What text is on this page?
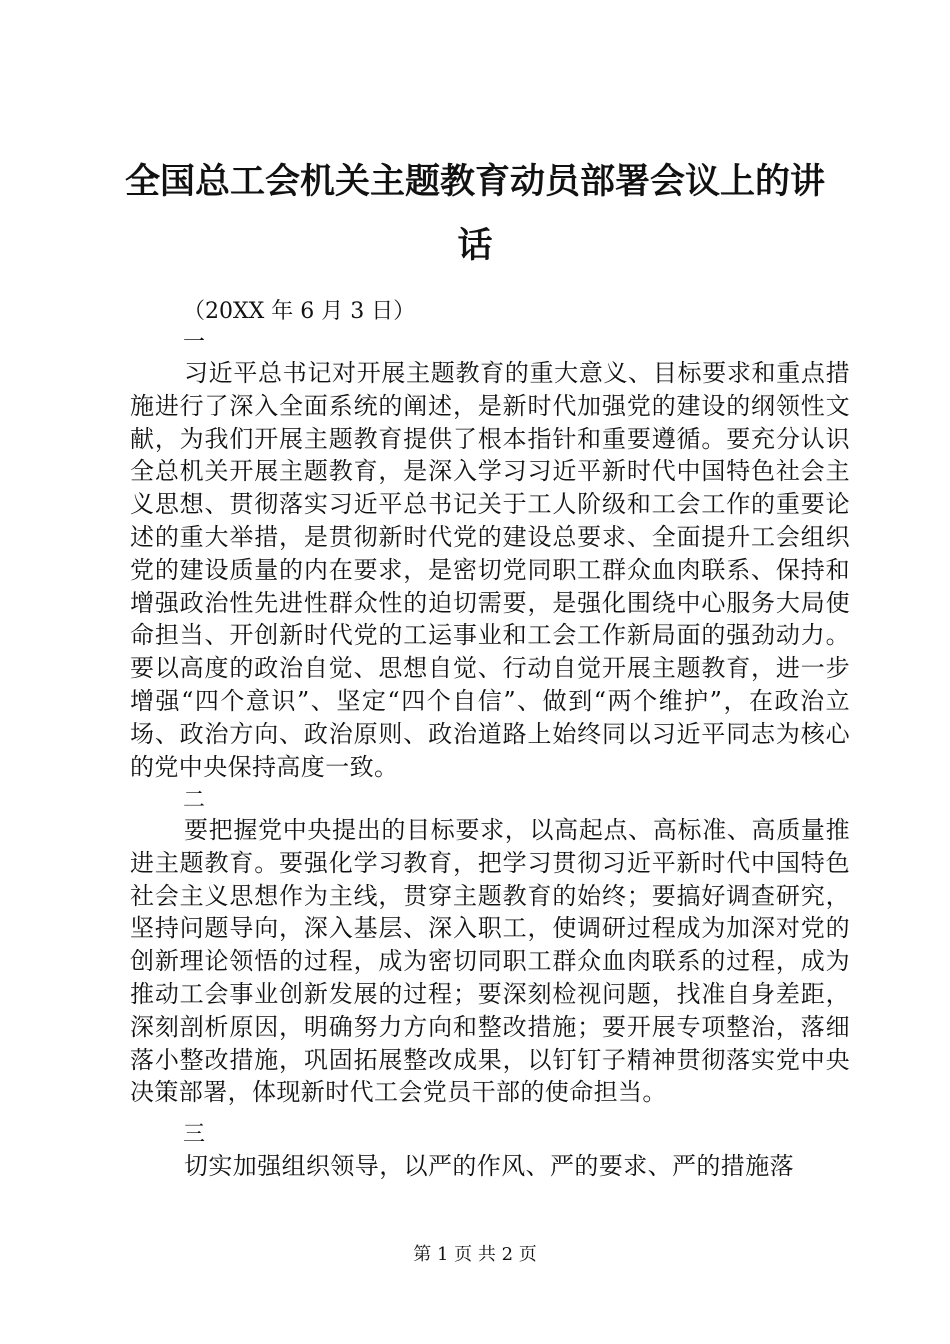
全国总工会机关主题教育动员部署会议上的讲
话
（20XX 年 6 月 3 日）
一

习近平总书记对开展主题教育的重大意义、目标要求和重点措施进行了深入全面系统的阐述，是新时代加强党的建设的纲领性文献，为我们开展主题教育提供了根本指针和重要遵循。要充分认识全总机关开展主题教育，是深入学习习近平新时代中国特色社会主义思想、贯彻落实习近平总书记关于工人阶级和工会工作的重要论述的重大举措，是贯彻新时代党的建设总要求、全面提升工会组织党的建设质量的内在要求，是密切党同职工群众血肉联系、保持和增强政治性先进性群众性的迫切需要，是强化围绕中心服务大局使命担当、开创新时代党的工运事业和工会工作新局面的强劲动力。要以高度的政治自觉、思想自觉、行动自觉开展主题教育，进一步增强“四个意识”、坚定“四个自信”、做到“两个维护”，在政治立场、政治方向、政治原则、政治道路上始终同以习近平同志为核心的党中央保持高度一致。

二

要把握党中央提出的目标要求，以高起点、高标准、高质量推进主题教育。要强化学习教育，把学习贯彻习近平新时代中国特色社会主义思想作为主线，贯穿主题教育的始终；要搞好调查研究，坚持问题导向，深入基层、深入职工，使调研过程成为加深对党的创新理论领悟的过程，成为密切同职工群众血肉联系的过程，成为推动工会事业创新发展的过程；要深刻检视问题，找准自身差距，深刻剖析原因，明确努力方向和整改措施；要开展专项整治，落细落小整改措施，巩固拓展整改成果，以钉钉子精神贯彻落实党中央决策部署，体现新时代工会党员干部的使命担当。

三

切实加强组织领导，以严的作风、严的要求、严的措施落

第 1 页 共 2 页
